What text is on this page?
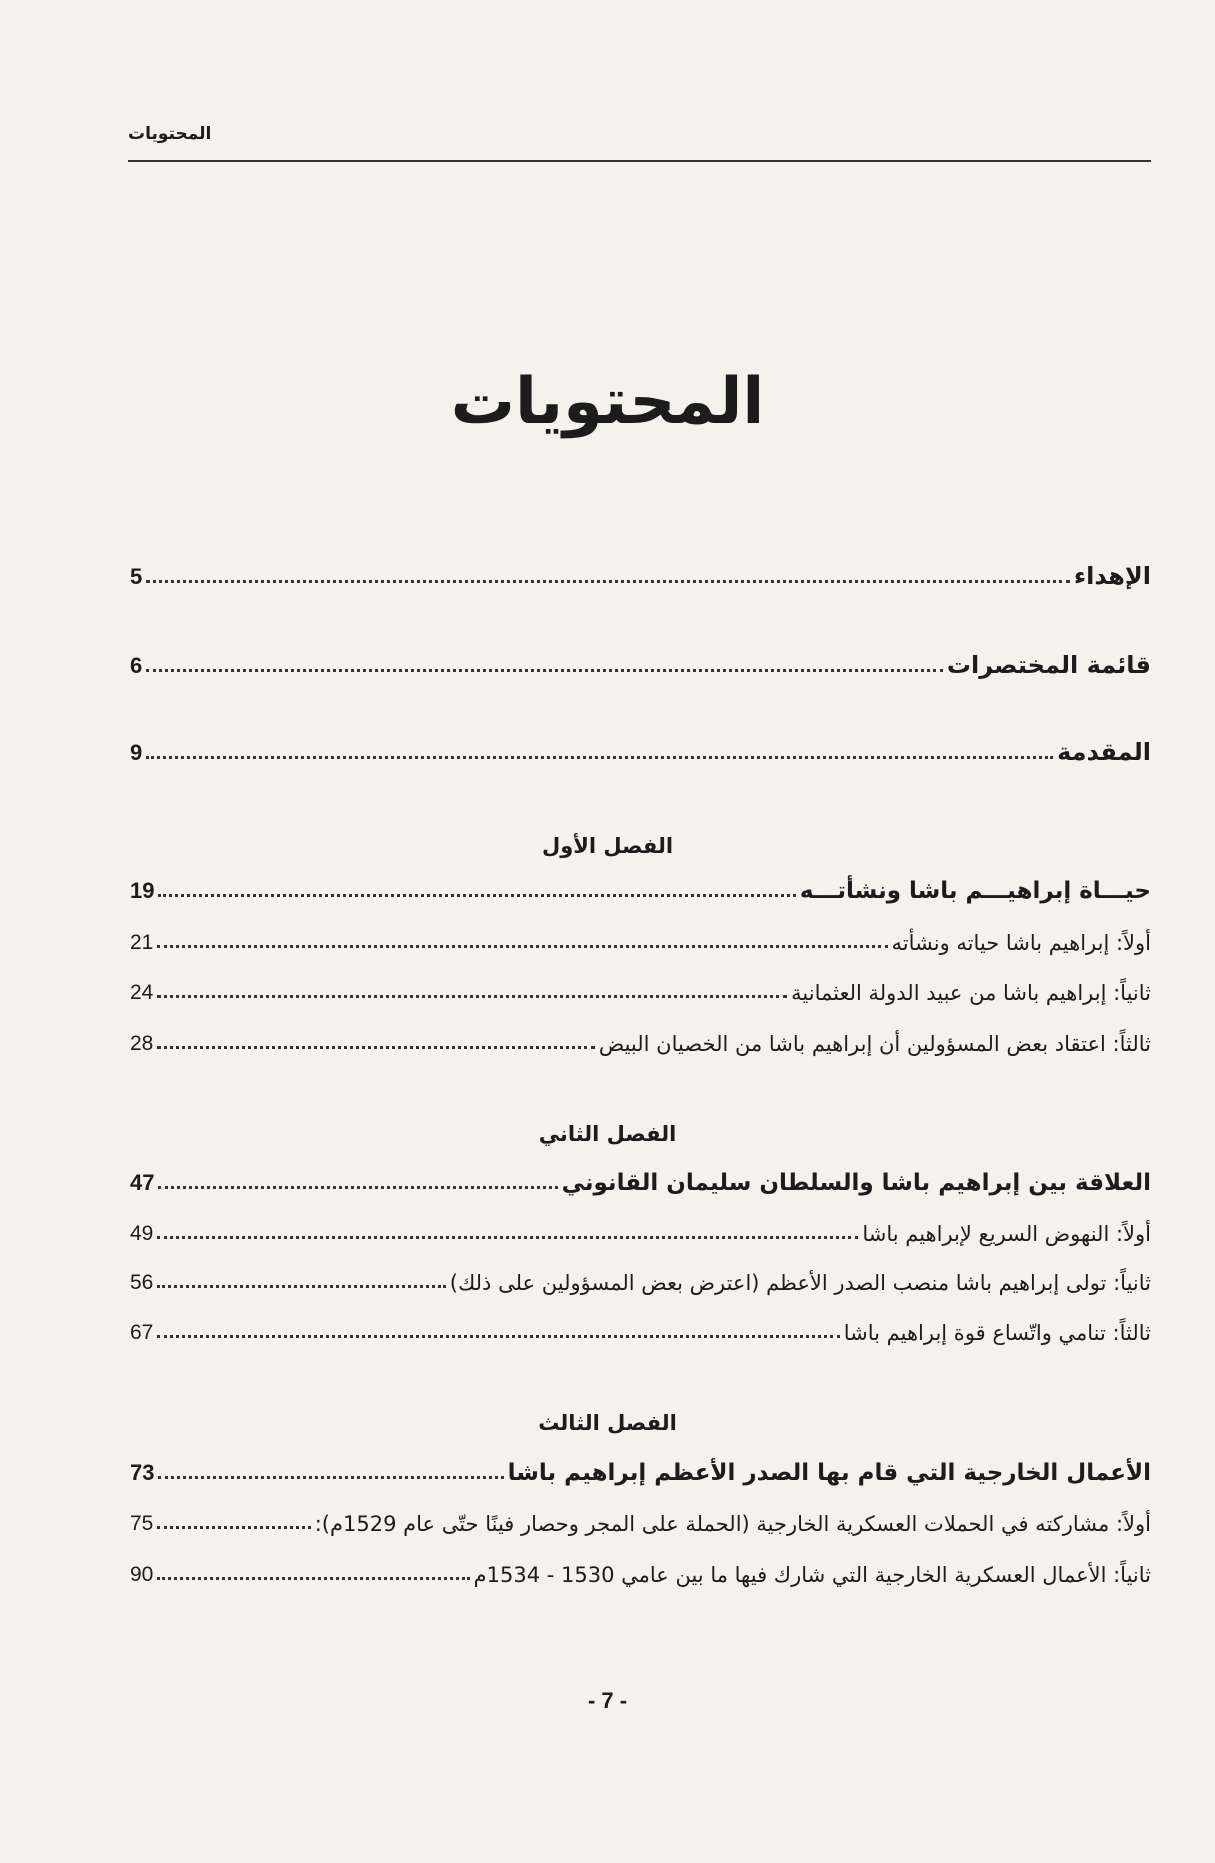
المحتويات
المحتويات
الإهداء
5
قائمة المختصرات
6
المقدمة
9
الفصل الأول
حيـــاة إبراهيـــم باشا ونشأتـــه
19
أولاً: إبراهيم باشا حياته ونشأته
21
ثانياً: إبراهيم باشا من عبيد الدولة العثمانية
24
ثالثاً: اعتقاد بعض المسؤولين أن إبراهيم باشا من الخصيان البيض
28
الفصل الثاني
العلاقة بين إبراهيم باشا والسلطان سليمان القانوني
47
أولاً: النهوض السريع لإبراهيم باشا
49
ثانياً: تولى إبراهيم باشا منصب الصدر الأعظم (اعترض بعض المسؤولين على ذلك)
56
ثالثاً: تنامي واتّساع قوة إبراهيم باشا
67
الفصل الثالث
الأعمال الخارجية التي قام بها الصدر الأعظم إبراهيم باشا
73
أولاً: مشاركته في الحملات العسكرية الخارجية (الحملة على المجر وحصار فينًا حتّى عام 1529م):
75
ثانياً: الأعمال العسكرية الخارجية التي شارك فيها ما بين عامي 1530 - 1534م
90
- 7 -
